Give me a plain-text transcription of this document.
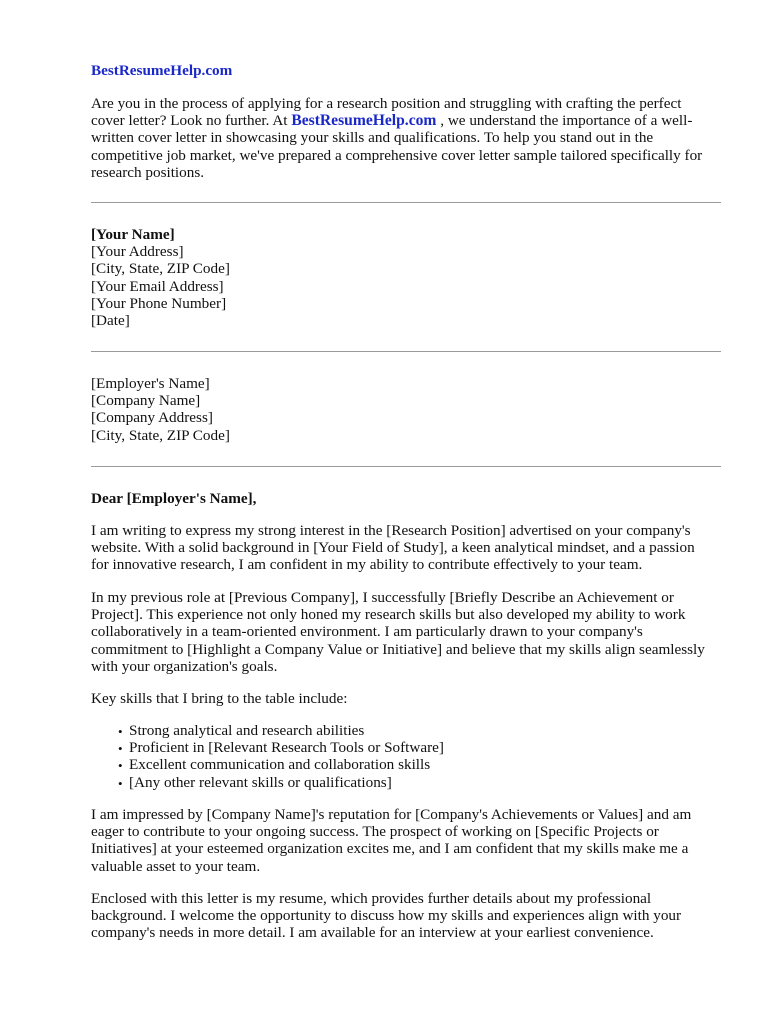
BestResumeHelp.com

Are you in the process of applying for a research position and struggling with crafting the perfect
cover letter? Look no further. At BestResumeHelp.com , we understand the importance of a well-
written cover letter in showcasing your skills and qualifications. To help you stand out in the
competitive job market, we've prepared a comprehensive cover letter sample tailored specifically for
research positions.

[Your Name]
[Your Address]
[City, State, ZIP Code]
[Your Email Address]
[Your Phone Number]
[Date]
[Employer's Name]
[Company Name]
[Company Address]
[City, State, ZIP Code]
Dear [Employer's Name],

I am writing to express my strong interest in the [Research Position] advertised on your company's
website. With a solid background in [Your Field of Study], a keen analytical mindset, and a passion
for innovative research, I am confident in my ability to contribute effectively to your team.

In my previous role at [Previous Company], I successfully [Briefly Describe an Achievement or
Project]. This experience not only honed my research skills but also developed my ability to work
collaboratively in a team-oriented environment. I am particularly drawn to your company's
commitment to [Highlight a Company Value or Initiative] and believe that my skills align seamlessly
with your organization's goals.

Key skills that I bring to the table include:

• Strong analytical and research abilities
• Proficient in [Relevant Research Tools or Software]
• Excellent communication and collaboration skills
• [Any other relevant skills or qualifications]

I am impressed by [Company Name]'s reputation for [Company's Achievements or Values] and am
eager to contribute to your ongoing success. The prospect of working on [Specific Projects or
Initiatives] at your esteemed organization excites me, and I am confident that my skills make me a
valuable asset to your team.

Enclosed with this letter is my resume, which provides further details about my professional
background. I welcome the opportunity to discuss how my skills and experiences align with your
company's needs in more detail. I am available for an interview at your earliest convenience.
